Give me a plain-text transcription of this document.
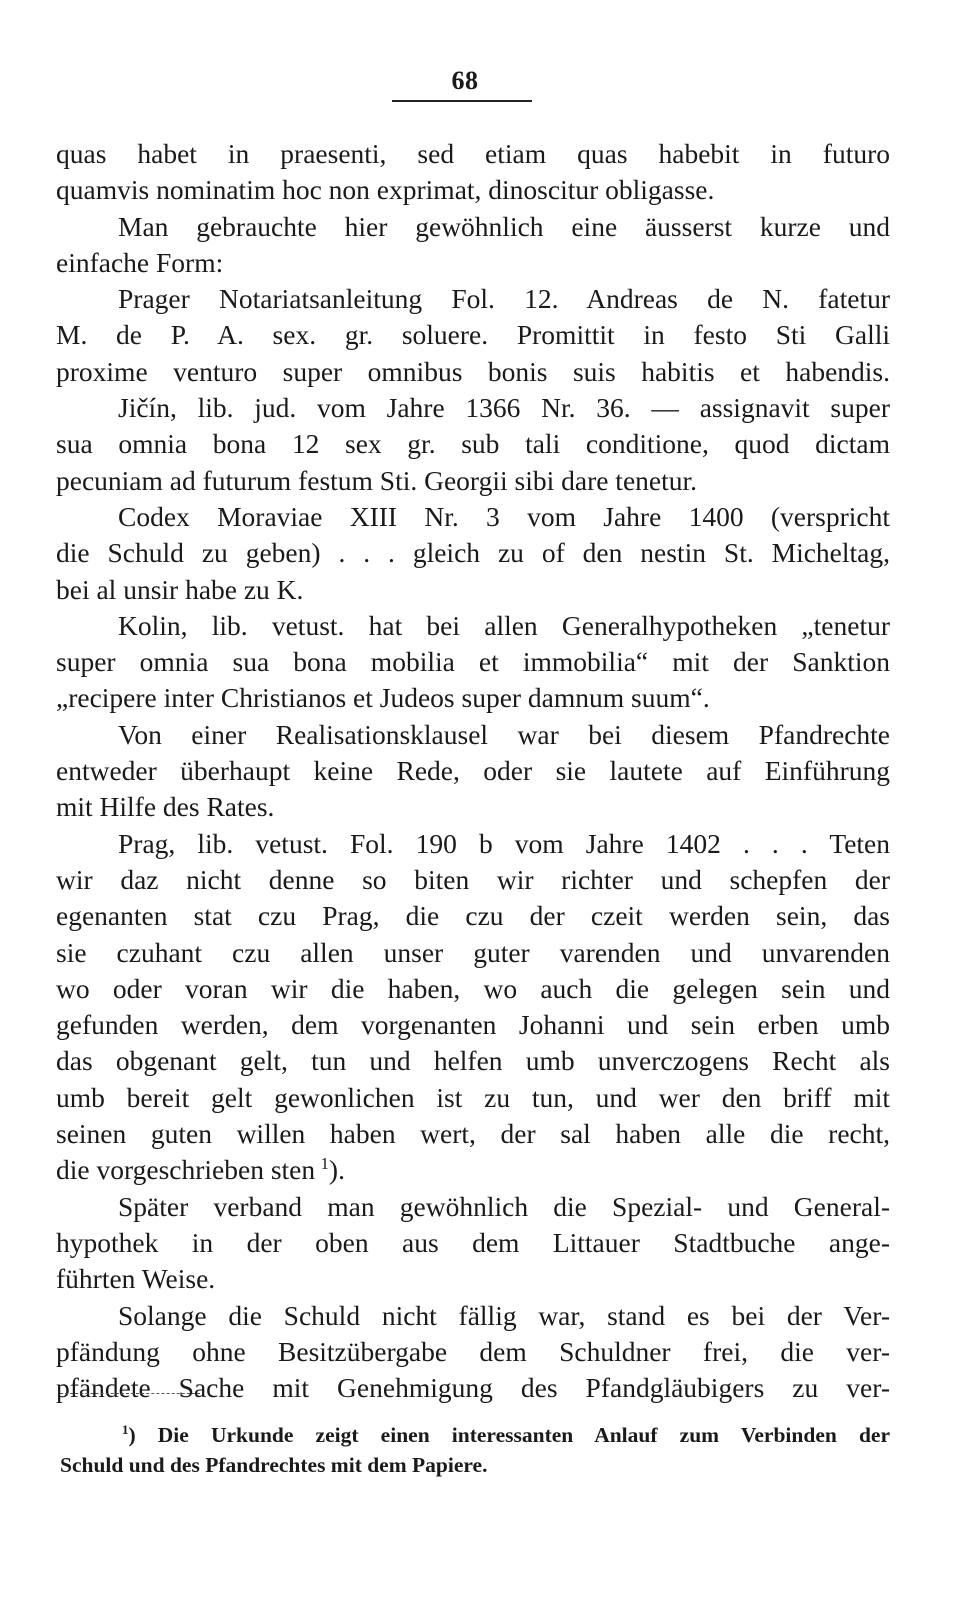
68
quas habet in praesenti, sed etiam quas habebit in futuro
quamvis nominatim hoc non exprimat, dinoscitur obligasse.
Man gebrauchte hier gewöhnlich eine äusserst kurze und
einfache Form:
Prager Notariatsanleitung Fol. 12. Andreas de N. fatetur
M. de P. A. sex. gr. soluere. Promittit in festo Sti Galli
proxime venturo super omnibus bonis suis habitis et habendis.
Jičín, lib. jud. vom Jahre 1366 Nr. 36. — assignavit super
sua omnia bona 12 sex gr. sub tali conditione, quod dictam
pecuniam ad futurum festum Sti. Georgii sibi dare tenetur.
Codex Moraviae XIII Nr. 3 vom Jahre 1400 (verspricht
die Schuld zu geben) . . . gleich zu of den nestin St. Micheltag,
bei al unsir habe zu K.
Kolin, lib. vetust. hat bei allen Generalhypotheken „tenetur
super omnia sua bona mobilia et immobilia“ mit der Sanktion
„recipere inter Christianos et Judeos super damnum suum“.
Von einer Realisationsklausel war bei diesem Pfandrechte
entweder überhaupt keine Rede, oder sie lautete auf Einführung
mit Hilfe des Rates.
Prag, lib. vetust. Fol. 190 b vom Jahre 1402 . . . Teten
wir daz nicht denne so biten wir richter und schepfen der
egenanten stat czu Prag, die czu der czeit werden sein, das
sie czuhant czu allen unser guter varenden und unvarenden
wo oder voran wir die haben, wo auch die gelegen sein und
gefunden werden, dem vorgenanten Johanni und sein erben umb
das obgenant gelt, tun und helfen umb unverczogens Recht als
umb bereit gelt gewonlichen ist zu tun, und wer den briff mit
seinen guten willen haben wert, der sal haben alle die recht,
die vorgeschrieben sten  $^1$).
Später verband man gewöhnlich die Spezial- und General-
hypothek in der oben aus dem Littauer Stadtbuche ange-
führten Weise.
Solange die Schuld nicht fällig war, stand es bei der Ver-
pfändung ohne Besitzübergabe dem Schuldner frei, die ver-
pfändete Sache mit Genehmigung des Pfandgläubigers zu ver-
$^1$) Die Urkunde zeigt einen interessanten Anlauf zum Verbinden der
Schuld und des Pfandrechtes mit dem Papiere.
